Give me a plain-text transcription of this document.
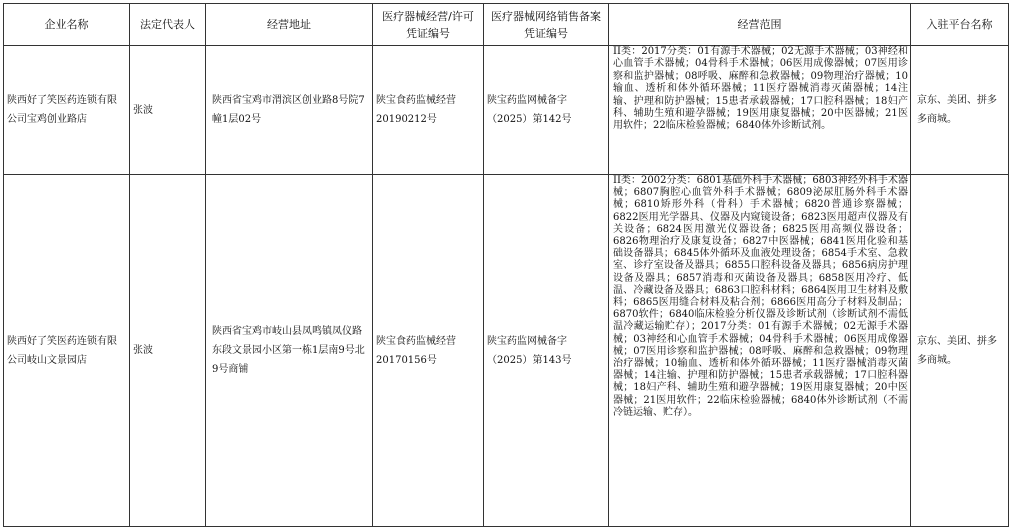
企业名称	法定代表人	经营地址	医疗器械经营/许可凭证编号	医疗器械网络销售备案凭证编号	经营范围	入驻平台名称
陕西好了笑医药连锁有限公司宝鸡创业路店	张波	陕西省宝鸡市渭滨区创业路8号院7幢1层02号	陕宝食药监械经营20190212号	陕宝药监网械备字（2025）第142号	II类：2017分类：01有源手术器械；02无源手术器械；03神经和心血管手术器械；04骨科手术器械；06医用成像器械；07医用诊察和监护器械；08呼吸、麻醉和急救器械；09物理治疗器械；10输血、透析和体外循环器械；11医疗器械消毒灭菌器械；14注输、护理和防护器械；15患者承载器械；17口腔科器械；18妇产科、辅助生殖和避孕器械；19医用康复器械；20中医器械；21医用软件；22临床检验器械；6840体外诊断试剂。	京东、美团、拼多多商城。
陕西好了笑医药连锁有限公司岐山文景园店	张波	陕西省宝鸡市岐山县凤鸣镇凤仪路东段文景园小区第一栋1层南9号北9号商铺	陕宝食药监械经营20170156号	陕宝药监网械备字（2025）第143号	II类：2002分类：6801基础外科手术器械；6803神经外科手术器械；6807胸腔心血管外科手术器械；6809泌尿肛肠外科手术器械；6810矫形外科（骨科）手术器械；6820普通诊察器械；6822医用光学器具、仪器及内窥镜设备；6823医用超声仪器及有关设备；6824医用激光仪器设备；6825医用高频仪器设备；6826物理治疗及康复设备；6827中医器械；6841医用化验和基础设备器具；6845体外循环及血液处理设备；6854手术室、急救室、诊疗室设备及器具；6855口腔科设备及器具；6856病房护理设备及器具；6857消毒和灭菌设备及器具；6858医用冷疗、低温、冷藏设备及器具；6863口腔科材料；6864医用卫生材料及敷料；6865医用缝合材料及粘合剂；6866医用高分子材料及制品；6870软件；6840临床检验分析仪器及诊断试剂（诊断试剂不需低温冷藏运输贮存）；2017分类：01有源手术器械；02无源手术器械；03神经和心血管手术器械；04骨科手术器械；06医用成像器械；07医用诊察和监护器械；08呼吸、麻醉和急救器械；09物理治疗器械；10输血、透析和体外循环器械；11医疗器械消毒灭菌器械；14注输、护理和防护器械；15患者承载器械；17口腔科器械；18妇产科、辅助生殖和避孕器械；19医用康复器械；20中医器械；21医用软件；22临床检验器械；6840体外诊断试剂（不需冷链运输、贮存）。	京东、美团、拼多多商城。
